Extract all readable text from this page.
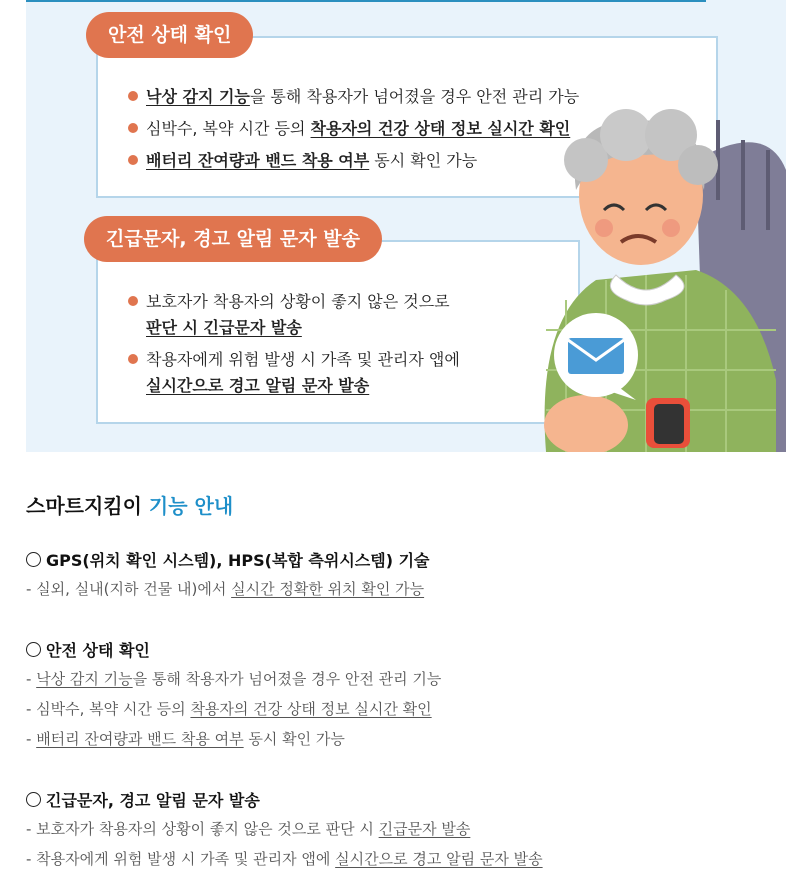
안전 상태 확인
낙상 감지 기능을 통해 착용자가 넘어졌을 경우 안전 관리 가능
심박수, 복약 시간 등의 착용자의 건강 상태 정보 실시간 확인
배터리 잔여량과 밴드 착용 여부 동시 확인 가능
긴급문자, 경고 알림 문자 발송
보호자가 착용자의 상황이 좋지 않은 것으로
판단 시 긴급문자 발송
착용자에게 위험 발생 시 가족 및 관리자 앱에
실시간으로 경고 알림 문자 발송
스마트지킴이 기능 안내
GPS(위치 확인 시스템), HPS(복합 측위시스템) 기술
- 실외, 실내(지하 건물 내)에서 실시간 정확한 위치 확인 가능
안전 상태 확인
- 낙상 감지 기능을 통해 착용자가 넘어졌을 경우 안전 관리 기능
- 심박수, 복약 시간 등의 착용자의 건강 상태 정보 실시간 확인
- 배터리 잔여량과 밴드 착용 여부 동시 확인 가능
긴급문자, 경고 알림 문자 발송
- 보호자가 착용자의 상황이 좋지 않은 것으로 판단 시 긴급문자 발송
- 착용자에게 위험 발생 시 가족 및 관리자 앱에 실시간으로 경고 알림 문자 발송
